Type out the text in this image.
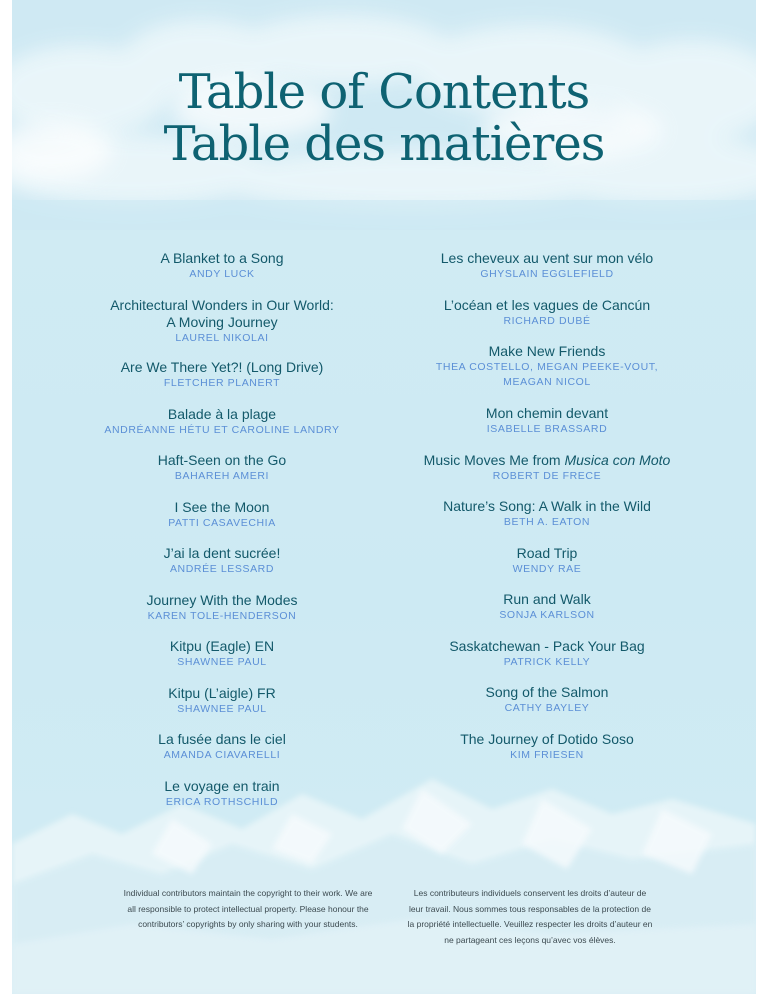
Table of Contents
Table des matières
A Blanket to a Song
ANDY LUCK
Architectural Wonders in Our World:
A Moving Journey
LAUREL NIKOLAI
Are We There Yet?! (Long Drive)
FLETCHER PLANERT
Balade à la plage
ANDRÉANNE HÉTU ET CAROLINE LANDRY
Haft-Seen on the Go
BAHAREH AMERI
I See the Moon
PATTI CASAVECHIA
J’ai la dent sucrée!
ANDRÉE LESSARD
Journey With the Modes
KAREN TOLE-HENDERSON
Kitpu (Eagle) EN
SHAWNEE PAUL
Kitpu (L’aigle) FR
SHAWNEE PAUL
La fusée dans le ciel
AMANDA CIAVARELLI
Le voyage en train
ERICA ROTHSCHILD
Les cheveux au vent sur mon vélo
GHYSLAIN EGGLEFIELD
L’océan et les vagues de Cancún
RICHARD DUBÉ
Make New Friends
THEA COSTELLO, MEGAN PEEKE-VOUT,
MEAGAN NICOL
Mon chemin devant
ISABELLE BRASSARD
Music Moves Me from Musica con Moto
ROBERT DE FRECE
Nature’s Song: A Walk in the Wild
BETH A. EATON
Road Trip
WENDY RAE
Run and Walk
SONJA KARLSON
Saskatchewan - Pack Your Bag
PATRICK KELLY
Song of the Salmon
CATHY BAYLEY
The Journey of Dotido Soso
KIM FRIESEN
Individual contributors maintain the copyright to their work. We are
all responsible to protect intellectual property. Please honour the
contributors’ copyrights by only sharing with your students.
Les contributeurs individuels conservent les droits d’auteur de
leur travail. Nous sommes tous responsables de la protection de
la propriété intellectuelle. Veuillez respecter les droits d’auteur en
ne partageant ces leçons qu’avec vos élèves.
